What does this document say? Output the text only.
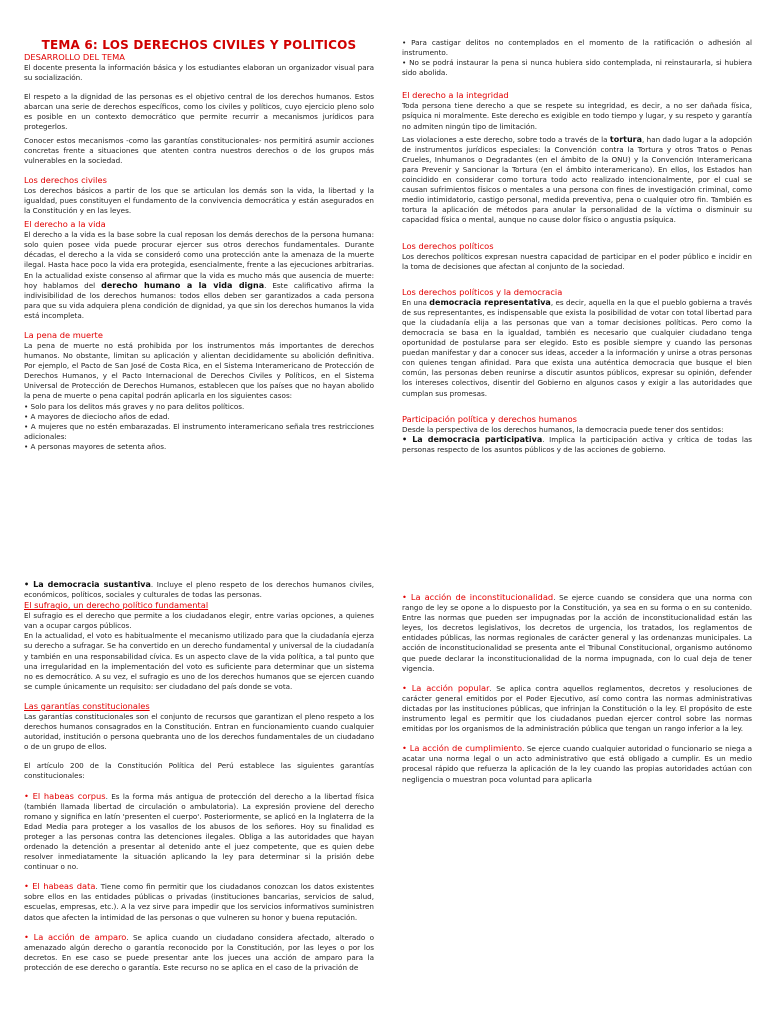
TEMA 6: LOS DERECHOS CIVILES Y POLITICOS
DESARROLLO DEL TEMA

El docente presenta la información básica y los estudiantes elaboran un organizador visual para su socialización.

El respeto a la dignidad de las personas es el objetivo central de los derechos humanos. Estos abarcan una serie de derechos específicos, como los civiles y políticos, cuyo ejercicio pleno solo es posible en un contexto democrático que permite recurrir a mecanismos jurídicos para protegerlos.

Conocer estos mecanismos -como las garantías constitucionales- nos permitirá asumir acciones concretas frente a situaciones que atenten contra nuestros derechos o de los grupos más vulnerables en la sociedad.

Los derechos civiles

Los derechos básicos a partir de los que se articulan los demás son la vida, la libertad y la igualdad, pues constituyen el fundamento de la convivencia democrática y están asegurados en la Constitución y en las leyes.

El derecho a la vida

El derecho a la vida es la base sobre la cual reposan los demás derechos de la persona humana: solo quien posee vida puede procurar ejercer sus otros derechos fundamentales. Durante décadas, el derecho a la vida se consideró como una protección ante la amenaza de la muerte ilegal. Hasta hace poco la vida era protegida, esencialmente, frente a las ejecuciones arbitrarias. En la actualidad existe consenso al afirmar que la vida es mucho más que ausencia de muerte: hoy hablamos del derecho humano a la vida digna. Este calificativo afirma la indivisibilidad de los derechos humanos: todos ellos deben ser garantizados a cada persona para que su vida adquiera plena condición de dignidad, ya que sin los derechos humanos la vida está incompleta.

La pena de muerte

La pena de muerte no está prohibida por los instrumentos más importantes de derechos humanos. No obstante, limitan su aplicación y alientan decididamente su abolición definitiva. Por ejemplo, el Pacto de San José de Costa Rica, en el Sistema Interamericano de Protección de Derechos Humanos, y el Pacto Internacional de Derechos Civiles y Políticos, en el Sistema Universal de Protección de Derechos Humanos, establecen que los países que no hayan abolido la pena de muerte o pena capital podrán aplicarla en los siguientes casos:

• Solo para los delitos más graves y no para delitos políticos.

• A mayores de dieciocho años de edad.

• A mujeres que no estén embarazadas. El instrumento interamericano señala tres restricciones adicionales:

• A personas mayores de setenta años.

• Para castigar delitos no contemplados en el momento de la ratificación o adhesión al instrumento.

• No se podrá instaurar la pena si nunca hubiera sido contemplada, ni reinstaurarla, si hubiera sido abolida.

El derecho a la integridad

Toda persona tiene derecho a que se respete su integridad, es decir, a no ser dañada física, psíquica ni moralmente. Este derecho es exigible en todo tiempo y lugar, y su respeto y garantía no admiten ningún tipo de limitación.

Las violaciones a este derecho, sobre todo a través de la tortura, han dado lugar a la adopción de instrumentos jurídicos especiales: la Convención contra la Tortura y otros Tratos o Penas Crueles, Inhumanos o Degradantes (en el ámbito de la ONU) y la Convención Interamericana para Prevenir y Sancionar la Tortura (en el ámbito interamericano). En ellos, los Estados han coincidido en considerar como tortura todo acto realizado intencionalmente, por el cual se causan sufrimientos físicos o mentales a una persona con fines de investigación criminal, como medio intimidatorio, castigo personal, medida preventiva, pena o cualquier otro fin. También es tortura la aplicación de métodos para anular la personalidad de la víctima o disminuir su capacidad física o mental, aunque no cause dolor físico o angustia psíquica.

Los derechos políticos

Los derechos políticos expresan nuestra capacidad de participar en el poder público e incidir en la toma de decisiones que afectan al conjunto de la sociedad.

Los derechos políticos y la democracia

En una democracia representativa, es decir, aquella en la que el pueblo gobierna a través de sus representantes, es indispensable que exista la posibilidad de votar con total libertad para que la ciudadanía elija a las personas que van a tomar decisiones políticas. Pero como la democracia se basa en la igualdad, también es necesario que cualquier ciudadano tenga oportunidad de postularse para ser elegido. Esto es posible siempre y cuando las personas puedan manifestar y dar a conocer sus ideas, acceder a la información y unirse a otras personas con quienes tengan afinidad. Para que exista una auténtica democracia que busque el bien común, las personas deben reunirse a discutir asuntos públicos, expresar su opinión, defender los intereses colectivos, disentir del Gobierno en algunos casos y exigir a las autoridades que cumplan sus promesas.

Participación política y derechos humanos

Desde la perspectiva de los derechos humanos, la democracia puede tener dos sentidos:

• La democracia participativa. Implica la participación activa y crítica de todas las personas respecto de los asuntos públicos y de las acciones de gobierno.

• La democracia sustantiva. Incluye el pleno respeto de los derechos humanos civiles, económicos, políticos, sociales y culturales de todas las personas.

El sufragio, un derecho político fundamental

El sufragio es el derecho que permite a los ciudadanos elegir, entre varias opciones, a quienes van a ocupar cargos públicos.

En la actualidad, el voto es habitualmente el mecanismo utilizado para que la ciudadanía ejerza su derecho a sufragar. Se ha convertido en un derecho fundamental y universal de la ciudadanía y también en una responsabilidad cívica. Es un aspecto clave de la vida política, a tal punto que una irregularidad en la implementación del voto es suficiente para determinar que un sistema no es democrático. A su vez, el sufragio es uno de los derechos humanos que se ejercen cuando se cumple únicamente un requisito: ser ciudadano del país donde se vota.

Las garantías constitucionales

Las garantías constitucionales son el conjunto de recursos que garantizan el pleno respeto a los derechos humanos consagrados en la Constitución. Entran en funcionamiento cuando cualquier autoridad, institución o persona quebranta uno de los derechos fundamentales de un ciudadano o de un grupo de ellos.

El artículo 200 de la Constitución Política del Perú establece las siguientes garantías constitucionales:

• El habeas corpus. Es la forma más antigua de protección del derecho a la libertad física (también llamada libertad de circulación o ambulatoria). La expresión proviene del derecho romano y significa en latín 'presenten el cuerpo'. Posteriormente, se aplicó en la Inglaterra de la Edad Media para proteger a los vasallos de los abusos de los señores. Hoy su finalidad es proteger a las personas contra las detenciones ilegales. Obliga a las autoridades que hayan ordenado la detención a presentar al detenido ante el juez competente, que es quien debe resolver inmediatamente la situación aplicando la ley para determinar si la prisión debe continuar o no.

• El habeas data. Tiene como fin permitir que los ciudadanos conozcan los datos existentes sobre ellos en las entidades públicas o privadas (instituciones bancarias, servicios de salud, escuelas, empresas, etc.). A la vez sirve para impedir que los servicios informativos suministren datos que afecten la intimidad de las personas o que vulneren su honor y buena reputación.

• La acción de amparo. Se aplica cuando un ciudadano considera afectado, alterado o amenazado algún derecho o garantía reconocido por la Constitución, por las leyes o por los decretos. En ese caso se puede presentar ante los jueces una acción de amparo para la protección de ese derecho o garantía. Este recurso no se aplica en el caso de la privación de

• La acción de inconstitucionalidad. Se ejerce cuando se considera que una norma con rango de ley se opone a lo dispuesto por la Constitución, ya sea en su forma o en su contenido. Entre las normas que pueden ser impugnadas por la acción de inconstitucionalidad están las leyes, los decretos legislativos, los decretos de urgencia, los tratados, los reglamentos de entidades públicas, las normas regionales de carácter general y las ordenanzas municipales. La acción de inconstitucionalidad se presenta ante el Tribunal Constitucional, organismo autónomo que puede declarar la inconstitucionalidad de la norma impugnada, con lo cual deja de tener vigencia.

• La acción popular. Se aplica contra aquellos reglamentos, decretos y resoluciones de carácter general emitidos por el Poder Ejecutivo, así como contra las normas administrativas dictadas por las instituciones públicas, que infrinjan la Constitución o la ley. El propósito de este instrumento legal es permitir que los ciudadanos puedan ejercer control sobre las normas emitidas por los organismos de la administración pública que tengan un rango inferior a la ley.

• La acción de cumplimiento. Se ejerce cuando cualquier autoridad o funcionario se niega a acatar una norma legal o un acto administrativo que está obligado a cumplir. Es un medio procesal rápido que refuerza la aplicación de la ley cuando las propias autoridades actúan con negligencia o muestran poca voluntad para aplicarla
